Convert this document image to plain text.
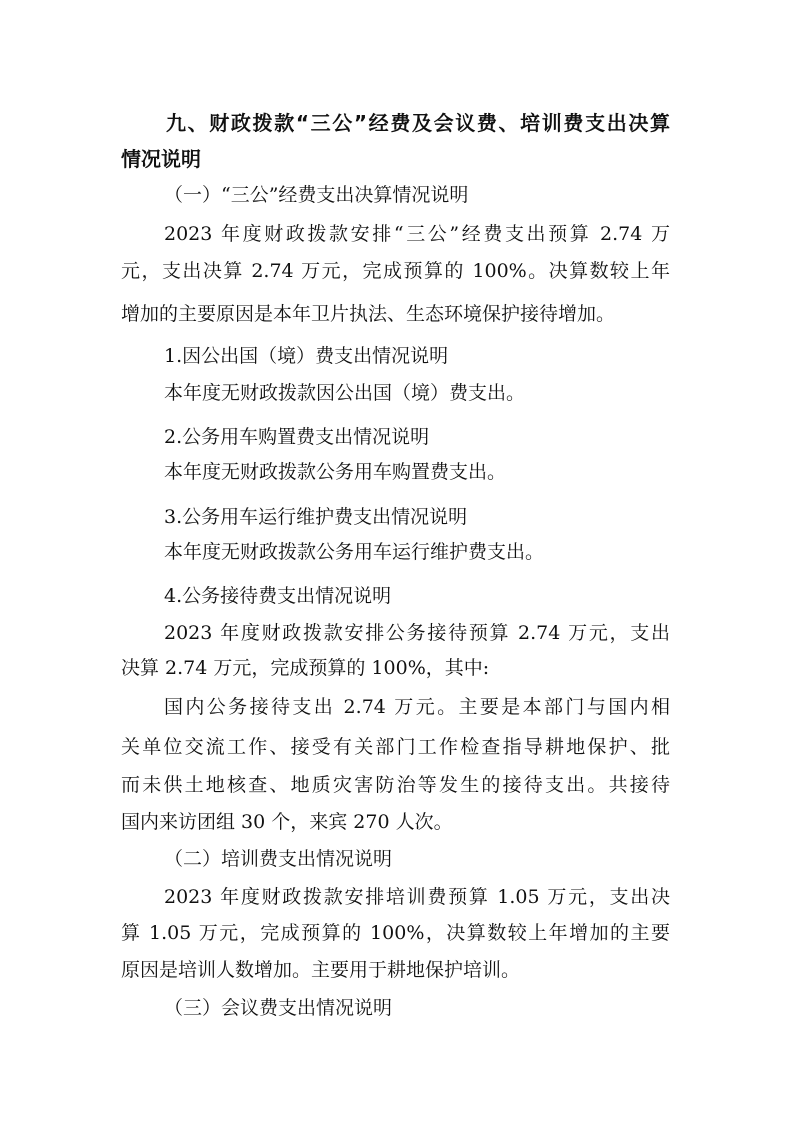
九、财政拨款“三公”经费及会议费、培训费支出决算
情况说明
（一）“三公”经费支出决算情况说明
2023 年度财政拨款安排“三公”经费支出预算 2.74 万
元，支出决算 2.74 万元，完成预算的 100%。决算数较上年
增加的主要原因是本年卫片执法、生态环境保护接待增加。
1.因公出国（境）费支出情况说明
本年度无财政拨款因公出国（境）费支出。
2.公务用车购置费支出情况说明
本年度无财政拨款公务用车购置费支出。
3.公务用车运行维护费支出情况说明
本年度无财政拨款公务用车运行维护费支出。
4.公务接待费支出情况说明
2023 年度财政拨款安排公务接待预算 2.74 万元，支出
决算 2.74 万元，完成预算的 100%，其中:
国内公务接待支出 2.74 万元。主要是本部门与国内相
关单位交流工作、接受有关部门工作检查指导耕地保护、批
而未供土地核查、地质灾害防治等发生的接待支出。共接待
国内来访团组 30 个，来宾 270 人次。
（二）培训费支出情况说明
2023 年度财政拨款安排培训费预算 1.05 万元，支出决
算 1.05 万元，完成预算的 100%，决算数较上年增加的主要
原因是培训人数增加。主要用于耕地保护培训。
（三）会议费支出情况说明
